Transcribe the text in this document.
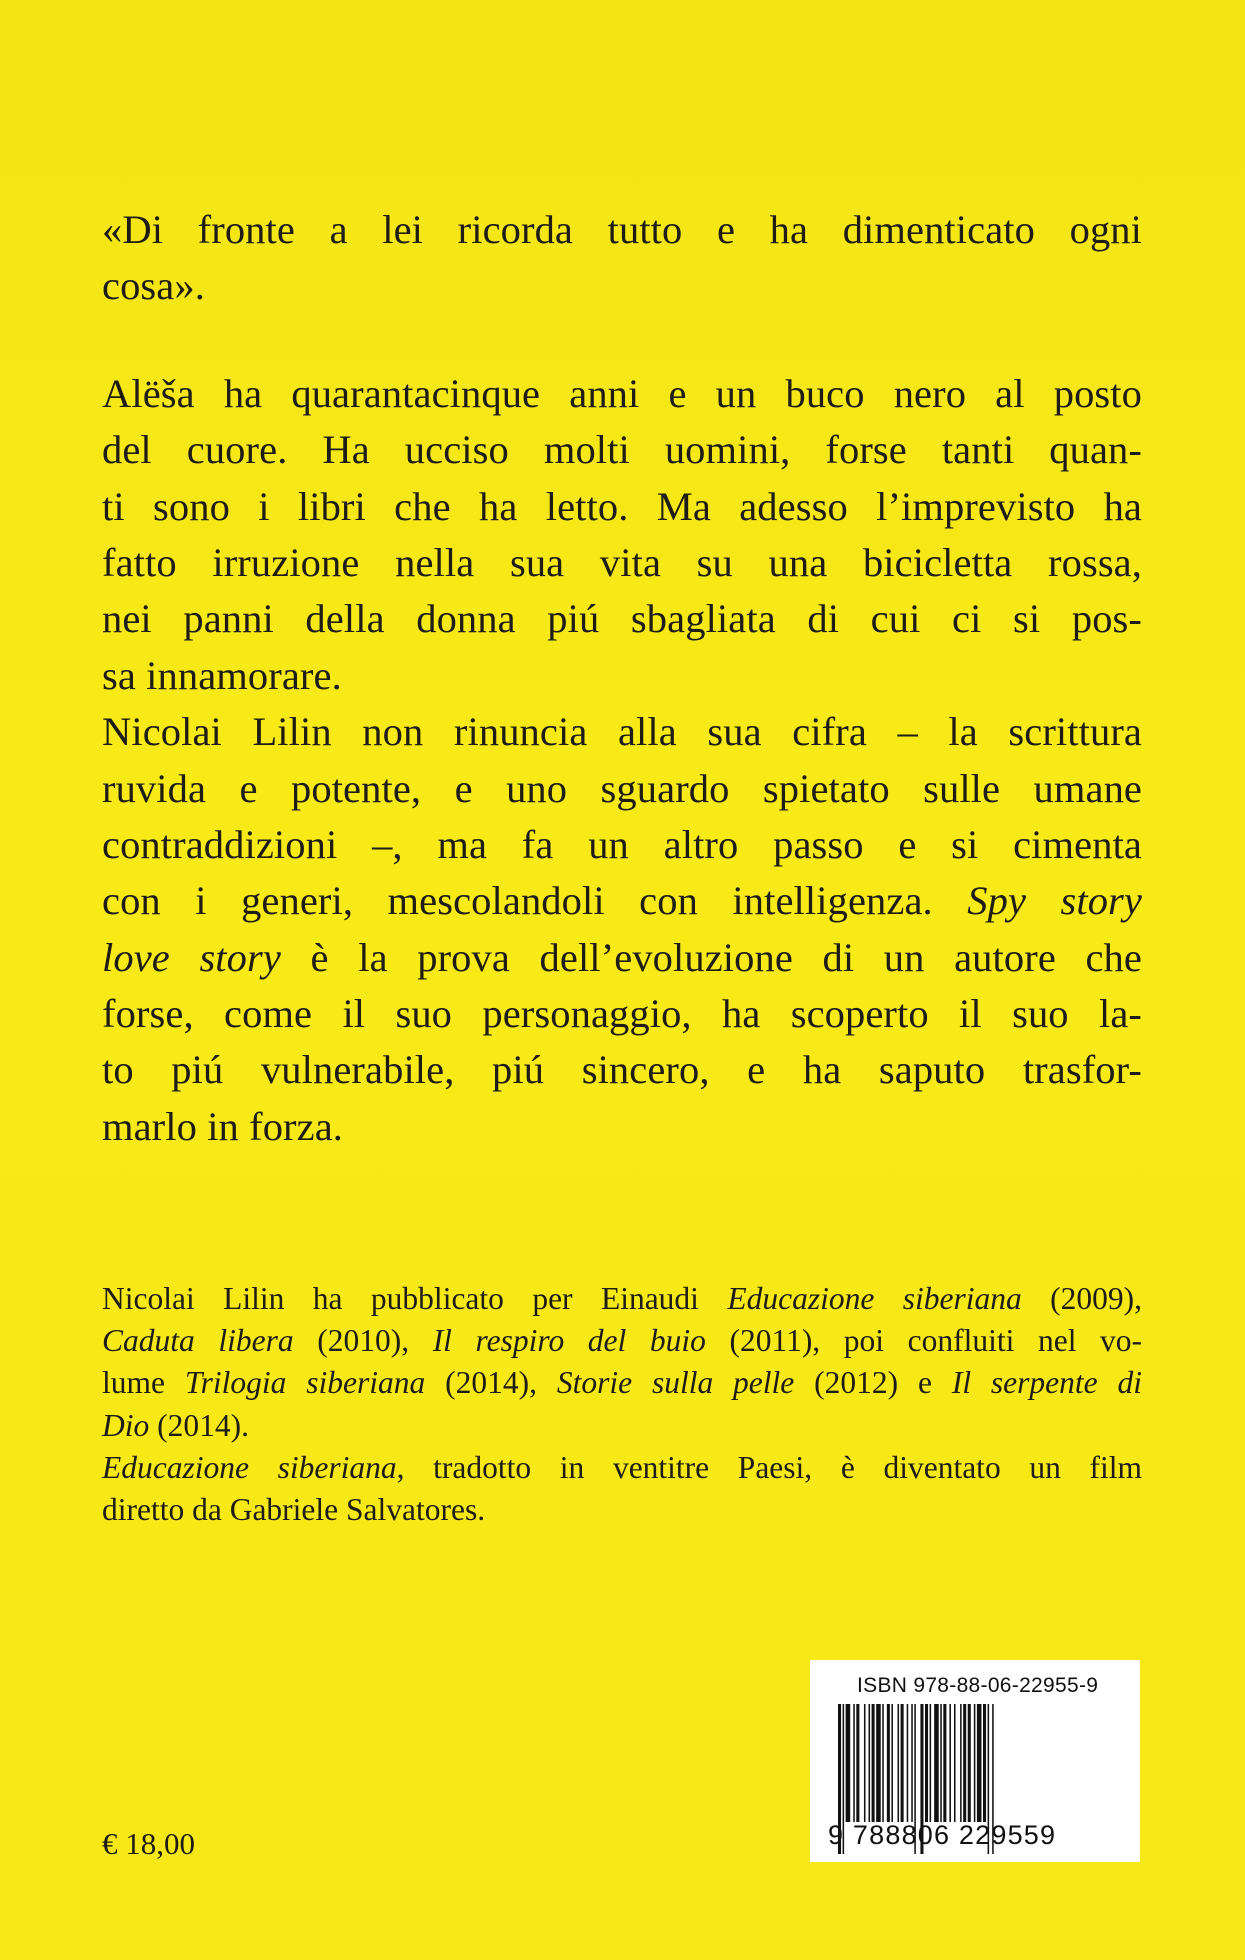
«Di fronte a lei ricorda tutto e ha dimenticato ogni
cosa».

Alëša ha quarantacinque anni e un buco nero al posto
del cuore. Ha ucciso molti uomini, forse tanti quan-
ti sono i libri che ha letto. Ma adesso l’imprevisto ha
fatto irruzione nella sua vita su una bicicletta rossa,
nei panni della donna piú sbagliata di cui ci si pos-
sa innamorare.
Nicolai Lilin non rinuncia alla sua cifra – la scrittura
ruvida e potente, e uno sguardo spietato sulle umane
contraddizioni –, ma fa un altro passo e si cimenta
con i generi, mescolandoli con intelligenza. Spy story
love story è la prova dell’evoluzione di un autore che
forse, come il suo personaggio, ha scoperto il suo la-
to piú vulnerabile, piú sincero, e ha saputo trasfor-
marlo in forza.

Nicolai Lilin ha pubblicato per Einaudi Educazione siberiana (2009),
Caduta libera (2010), Il respiro del buio (2011), poi confluiti nel vo-
lume Trilogia siberiana (2014), Storie sulla pelle (2012) e Il serpente di
Dio (2014).
Educazione siberiana, tradotto in ventitre Paesi, è diventato un film
diretto da Gabriele Salvatores.
€ 18,00
ISBN 978-88-06-22955-9
9 788806 229559
